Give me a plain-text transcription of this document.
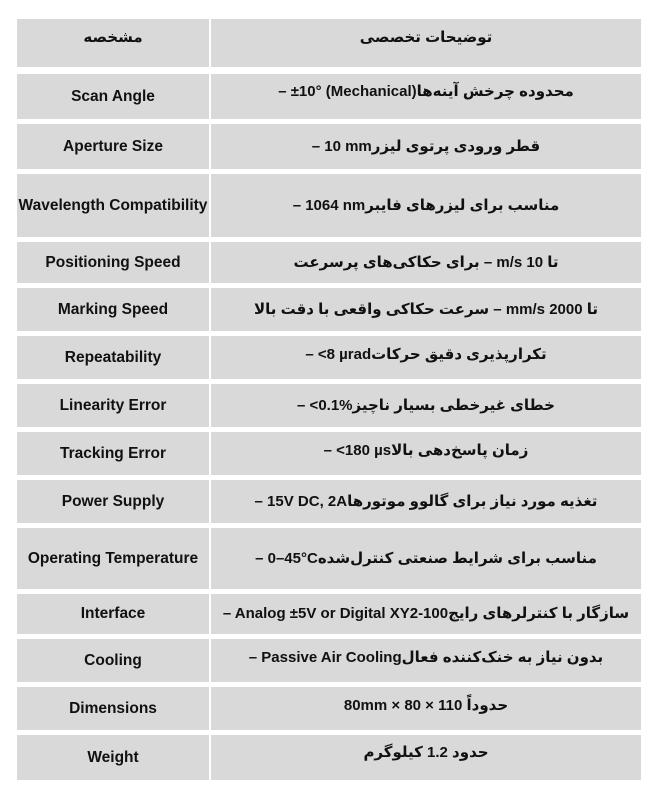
مشخصه	توضیحات تخصصی
Scan Angle	– ±10° (Mechanical)محدوده چرخش آینه‌ها
Aperture Size	– 10 mmقطر ورودی پرتوی لیزر
Wavelength Compatibility	– 1064 nmمناسب برای لیزرهای فایبر
Positioning Speed	تا 10 m/s – برای حکاکی‌های پرسرعت
Marking Speed	تا 2000 mm/s – سرعت حکاکی واقعی با دقت بالا
Repeatability	– <8 µradتکرارپذیری دقیق حرکات
Linearity Error	– <0.1%خطای غیرخطی بسیار ناچیز
Tracking Error	– <180 µsزمان پاسخ‌دهی بالا
Power Supply	– 15V DC, 2Aتغذیه مورد نیاز برای گالوو موتورها
Operating Temperature	– 0–45°Cمناسب برای شرایط صنعتی کنترل‌شده
Interface	– Analog ±5V or Digital XY2-100سازگار با کنترلرهای رایج
Cooling	– Passive Air Coolingبدون نیاز به خنک‌کننده فعال
Dimensions	حدوداً 110 × 80 × 80mm
Weight	حدود 1.2 کیلوگرم
